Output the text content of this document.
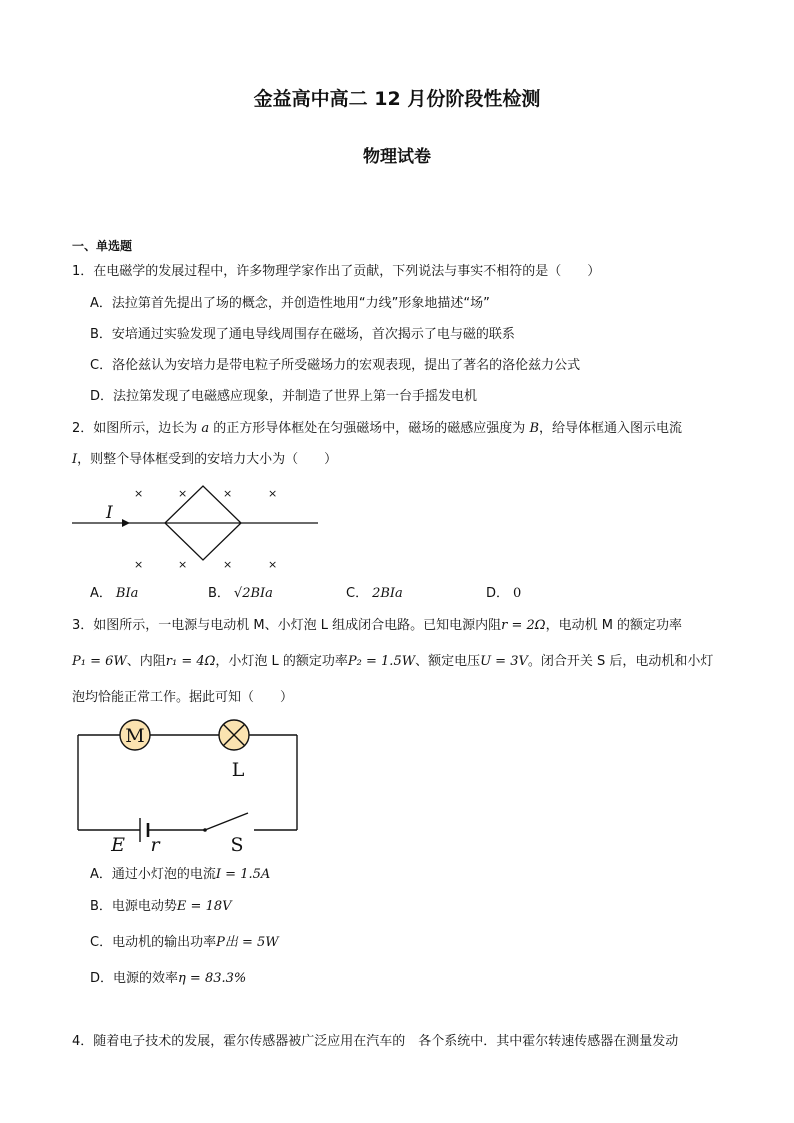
金益高中高二 12 月份阶段性检测
物理试卷
一、单选题
1．在电磁学的发展过程中，许多物理学家作出了贡献，下列说法与事实不相符的是（　　）
A．法拉第首先提出了场的概念，并创造性地用“力线”形象地描述“场”
B．安培通过实验发现了通电导线周围存在磁场，首次揭示了电与磁的联系
C．洛伦兹认为安培力是带电粒子所受磁场力的宏观表现，提出了著名的洛伦兹力公式
D．法拉第发现了电磁感应现象，并制造了世界上第一台手摇发电机
2．如图所示，边长为 a 的正方形导体框处在匀强磁场中，磁场的磁感应强度为 B，给导体框通入图示电流
I，则整个导体框受到的安培力大小为（　　）
I
×	×	×	×
×	×	×	×
A． BIa	B． √2BIa	C． 2BIa	D． 0
3．如图所示，一电源与电动机 M、小灯泡 L 组成闭合电路。已知电源内阻r = 2Ω，电动机 M 的额定功率
P₁ = 6W、内阻r₁ = 4Ω，小灯泡 L 的额定功率P₂ = 1.5W、额定电压U = 3V。闭合开关 S 后，电动机和小灯
泡均恰能正常工作。据此可知（　　）
M
L
E r	S
A．通过小灯泡的电流I = 1.5A
B．电源电动势E = 18V
C．电动机的输出功率P出 = 5W
D．电源的效率η = 83.3%
4．随着电子技术的发展，霍尔传感器被广泛应用在汽车的　各个系统中．其中霍尔转速传感器在测量发动
